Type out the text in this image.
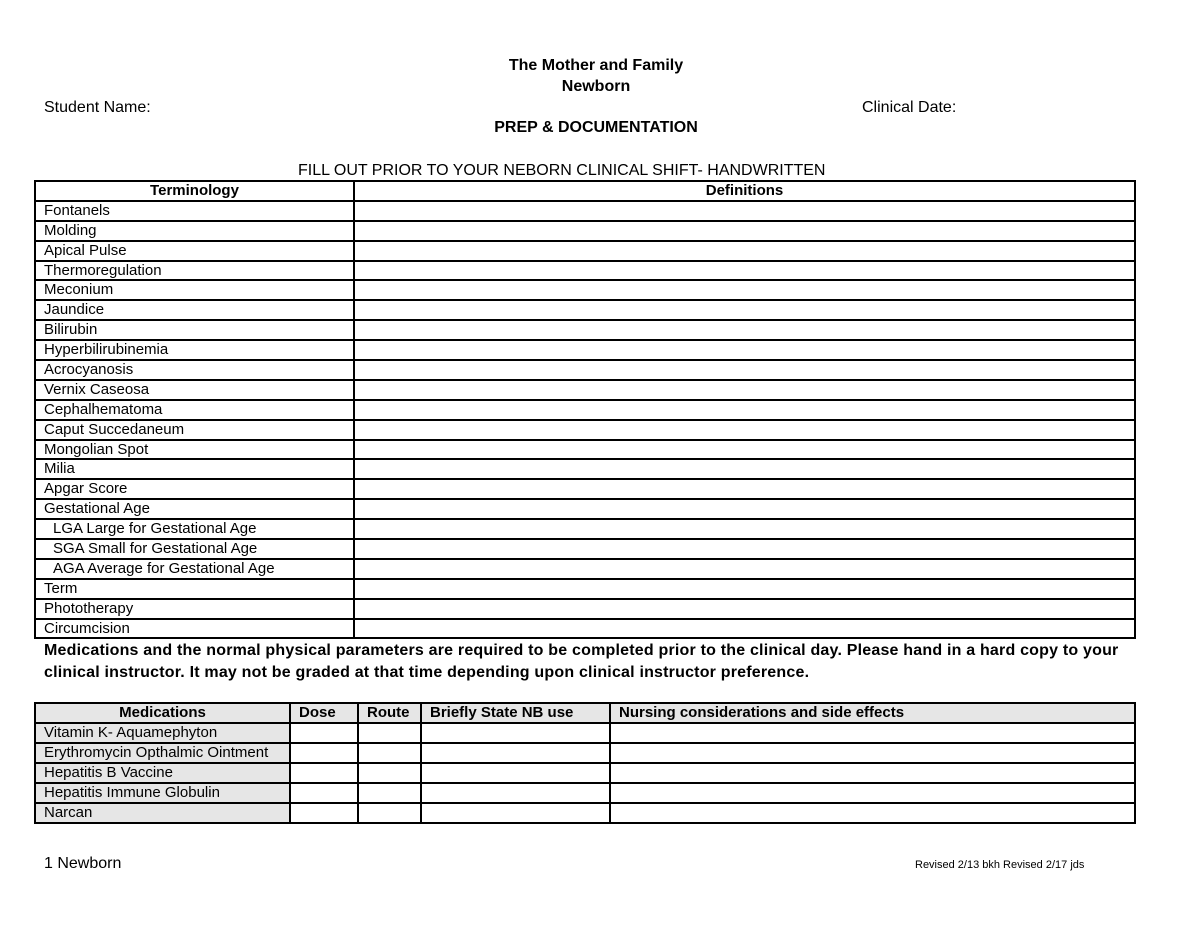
The Mother and Family
Newborn
Student Name:	Clinical Date:
PREP & DOCUMENTATION
FILL OUT PRIOR TO YOUR NEBORN CLINICAL SHIFT- HANDWRITTEN
Terminology	Definitions
Fontanels	
Molding	
Apical Pulse	
Thermoregulation	
Meconium	
Jaundice	
Bilirubin	
Hyperbilirubinemia	
Acrocyanosis	
Vernix Caseosa	
Cephalhematoma	
Caput Succedaneum	
Mongolian Spot	
Milia	
Apgar Score	
Gestational Age	
LGA Large for Gestational Age	
SGA Small for Gestational Age	
AGA Average for Gestational Age	
Term	
Phototherapy	
Circumcision	
Medications and the normal physical parameters are required to be completed prior to the clinical day. Please hand in a hard copy to your clinical instructor. It may not be graded at that time depending upon clinical instructor preference.
Medications	Dose	Route	Briefly State NB use	Nursing considerations and side effects
Vitamin K- Aquamephyton				
Erythromycin Opthalmic Ointment				
Hepatitis B Vaccine				
Hepatitis Immune Globulin				
Narcan				
1 Newborn	Revised 2/13 bkh Revised 2/17 jds
